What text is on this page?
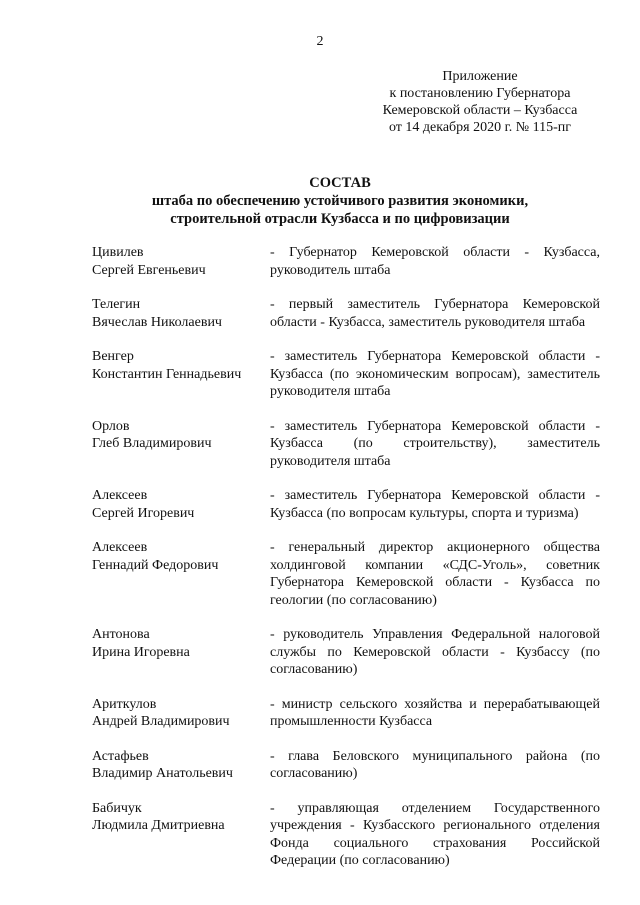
2
Приложение
к постановлению Губернатора
Кемеровской области – Кузбасса
от 14 декабря 2020 г. № 115-пг
СОСТАВ
штаба по обеспечению устойчивого развития экономики,
строительной отрасли Кузбасса и по цифровизации
Цивилев
Сергей Евгеньевич
- Губернатор Кемеровской области - Кузбасса, руководитель штаба
Телегин
Вячеслав Николаевич
- первый заместитель Губернатора Кемеровской области - Кузбасса, заместитель руководителя штаба
Венгер
Константин Геннадьевич
- заместитель Губернатора Кемеровской области - Кузбасса (по экономическим вопросам), заместитель руководителя штаба
Орлов
Глеб Владимирович
- заместитель Губернатора Кемеровской области - Кузбасса (по строительству), заместитель руководителя штаба
Алексеев
Сергей Игоревич
- заместитель Губернатора Кемеровской области - Кузбасса (по вопросам культуры, спорта и туризма)
Алексеев
Геннадий Федорович
- генеральный директор акционерного общества холдинговой компании «СДС-Уголь», советник Губернатора Кемеровской области - Кузбасса по геологии (по согласованию)
Антонова
Ирина Игоревна
- руководитель Управления Федеральной налоговой службы по Кемеровской области - Кузбассу (по согласованию)
Ариткулов
Андрей Владимирович
- министр сельского хозяйства и перерабатывающей промышленности Кузбасса
Астафьев
Владимир Анатольевич
- глава Беловского муниципального района (по согласованию)
Бабичук
Людмила Дмитриевна
- управляющая отделением Государственного учреждения - Кузбасского регионального отделения Фонда социального страхования Российской Федерации (по согласованию)
